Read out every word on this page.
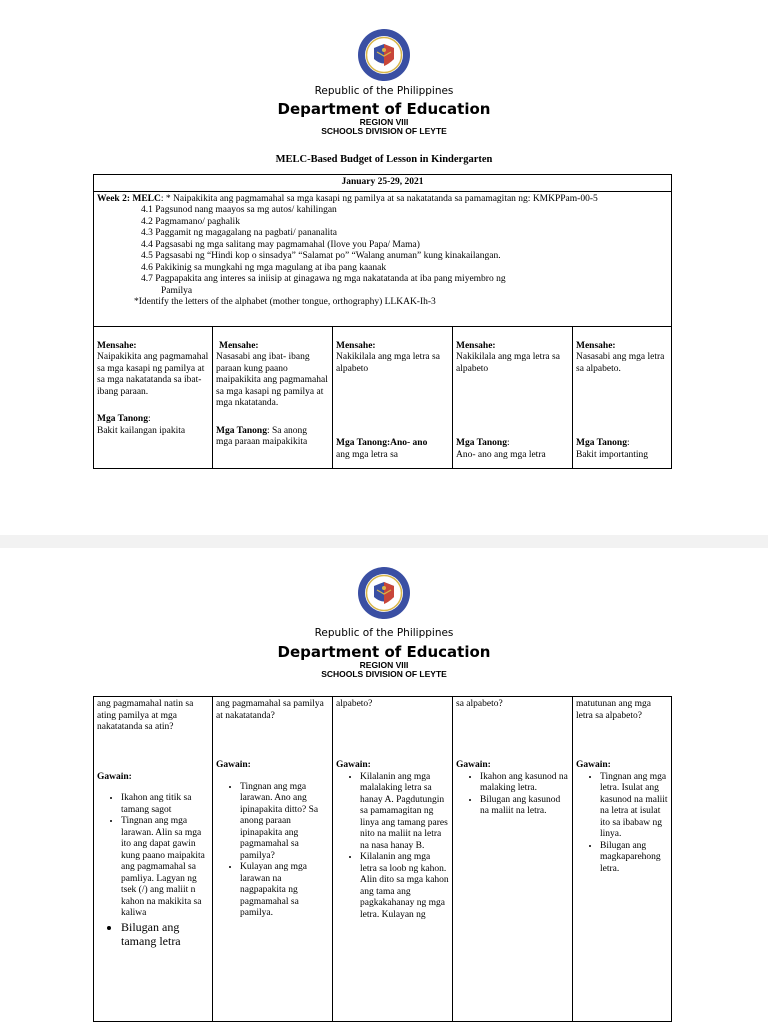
Republic of the Philippines
Department of Education
REGION VIII
SCHOOLS DIVISION OF LEYTE
MELC-Based Budget of Lesson in Kindergarten
January 25-29, 2021

Week 2: MELC: * Naipakikita ang pagmamahal sa mga kasapi ng pamilya at sa nakatatanda sa pamamagitan ng: KMKPPam-00-5
4.1 Pagsunod nang maayos sa mg autos/ kahilingan
4.2 Pagmamano/ paghalik
4.3 Paggamit ng magagalang na pagbati/ pananalita
4.4 Pagsasabi ng mga salitang may pagmamahal (Ilove you Papa/ Mama)
4.5 Pagsasabi ng “Hindi kop o sinsadya” “Salamat po” “Walang anuman” kung kinakailangan.
4.6 Pakikinig sa mungkahi ng mga magulang at iba pang kaanak
4.7 Pagpapakita ang interes sa iniisip at ginagawa ng mga nakatatanda at iba pang miyembro ng
Pamilya
*Identify the letters of the alphabet (mother tongue, orthography) LLKAK-Ih-3

Mensahe:
Naipakikita ang pagmamahal sa mga kasapi ng pamilya at sa mga nakatatanda sa ibat-ibang paraan.
Mga Tanong:
Bakit kailangan ipakita

Mensahe:
Nasasabi ang ibat- ibang paraan kung paano maipakikita ang pagmamahal sa mga kasapi ng pamilya at mga nkatatanda.
Mga Tanong: Sa anong
mga paraan maipakikita

Mensahe:
Nakikilala ang mga letra sa alpabeto
Mga Tanong:Ano- ano
ang mga letra sa

Mensahe:
Nakikilala ang mga letra sa alpabeto
Mga Tanong:
Ano- ano ang mga letra

Mensahe:
Nasasabi ang mga letra sa alpabeto.
Mga Tanong:
Bakit importanting
Republic of the Philippines
Department of Education
REGION VIII
SCHOOLS DIVISION OF LEYTE
ang pagmamahal natin sa ating pamilya at mga nakatatanda sa atin?
Gawain:
• Ikahon ang titik sa tamang sagot
• Tingnan ang mga larawan. Alin sa mga ito ang dapat gawin kung paano maipakita ang pagmamahal sa pamliya. Lagyan ng tsek (/) ang maliit n kahon na makikita sa kaliwa
• Bilugan ang tamang letra

ang pagmamahal sa pamilya at nakatatanda?
Gawain:
• Tingnan ang mga larawan. Ano ang ipinapakita ditto? Sa anong paraan ipinapakita ang pagmamahal sa pamilya?
• Kulayan ang mga larawan na nagpapakita ng pagmamahal sa pamilya.

alpabeto?
Gawain:
• Kilalanin ang mga malalaking letra sa hanay A. Pagdutungin sa pamamagitan ng linya ang tamang pares nito na maliit na letra na nasa hanay B.
• Kilalanin ang mga letra sa loob ng kahon. Alin dito sa mga kahon ang tama ang pagkakahanay ng mga letra. Kulayan ng

sa alpabeto?
Gawain:
• Ikahon ang kasunod na malaking letra.
• Bilugan ang kasunod na maliit na letra.

matutunan ang mga letra sa alpabeto?
Gawain:
• Tingnan ang mga letra. Isulat ang kasunod na maliit na letra at isulat ito sa ibabaw ng linya.
• Bilugan ang magkaparehong letra.
